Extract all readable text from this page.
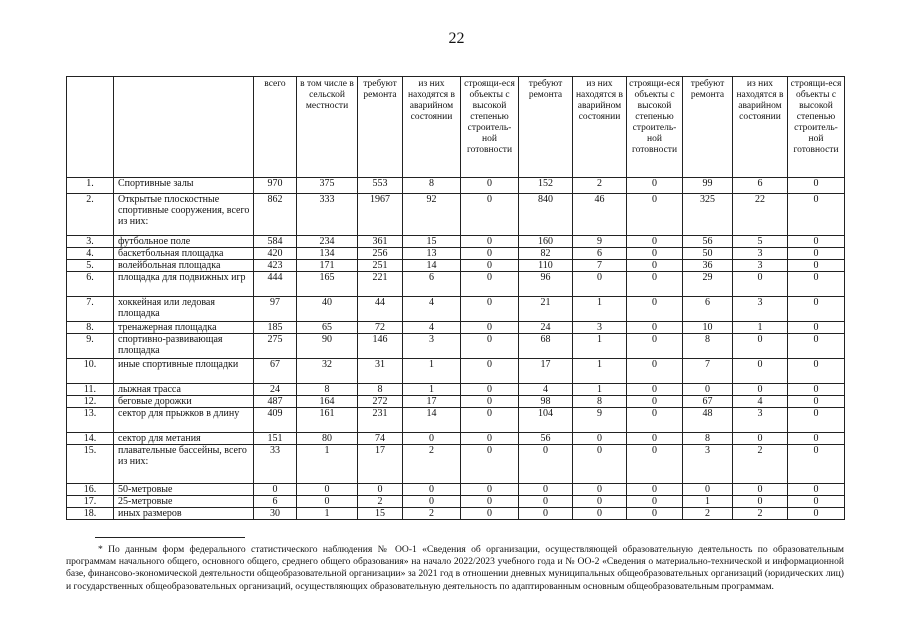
22
		всего	в том числе в сельской местности	требуют ремонта	из них находятся в аварийном состоянии	строящи-еся объекты с высокой степенью строитель-ной готовности	требуют ремонта	из них находятся в аварийном состоянии	строящи-еся объекты с высокой степенью строитель-ной готовности	требуют ремонта	из них находятся в аварийном состоянии	строящи-еся объекты с высокой степенью строитель-ной готовности
1.	Спортивные залы	970	375	553	8	0	152	2	0	99	6	0
2.	Открытые плоскостные спортивные сооружения, всего из них:	862	333	1967	92	0	840	46	0	325	22	0
3.	футбольное поле	584	234	361	15	0	160	9	0	56	5	0
4.	баскетбольная площадка	420	134	256	13	0	82	6	0	50	3	0
5.	волейбольная площадка	423	171	251	14	0	110	7	0	36	3	0
6.	площадка для подвижных игр	444	165	221	6	0	96	0	0	29	0	0
7.	хоккейная или ледовая площадка	97	40	44	4	0	21	1	0	6	3	0
8.	тренажерная площадка	185	65	72	4	0	24	3	0	10	1	0
9.	спортивно-развивающая площадка	275	90	146	3	0	68	1	0	8	0	0
10.	иные спортивные площадки	67	32	31	1	0	17	1	0	7	0	0
11.	лыжная трасса	24	8	8	1	0	4	1	0	0	0	0
12.	беговые дорожки	487	164	272	17	0	98	8	0	67	4	0
13.	сектор для прыжков в длину	409	161	231	14	0	104	9	0	48	3	0
14.	сектор для метания	151	80	74	0	0	56	0	0	8	0	0
15.	плавательные бассейны, всего из них:	33	1	17	2	0	0	0	0	3	2	0
16.	50-метровые	0	0	0	0	0	0	0	0	0	0	0
17.	25-метровые	6	0	2	0	0	0	0	0	1	0	0
18.	иных размеров	30	1	15	2	0	0	0	0	2	2	0
* По данным форм федерального статистического наблюдения № ОО-1 «Сведения об организации, осуществляющей образовательную деятельность по образовательным программам начального общего, основного общего, среднего общего образования» на начало 2022/2023 учебного года и № ОО-2 «Сведения о материально-технической и информационной базе, финансово-экономической деятельности общеобразовательной организации» за 2021 год в отношении дневных муниципальных общеобразовательных организаций (юридических лиц) и государственных общеобразовательных организаций, осуществляющих образовательную деятельность по адаптированным основным общеобразовательным программам.
